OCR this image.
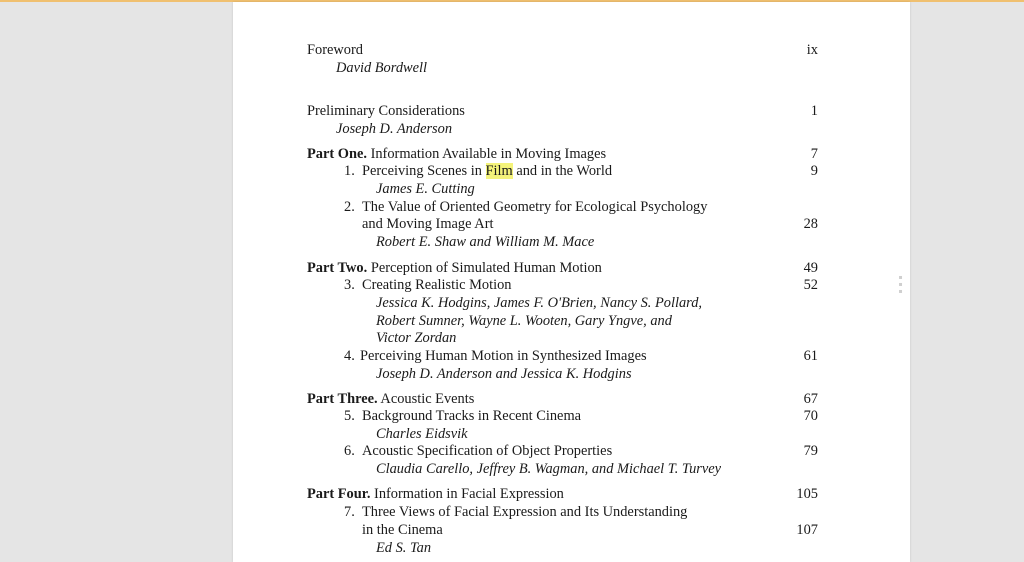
Foreword	ix
David Bordwell
Preliminary Considerations	1
Joseph D. Anderson
Part One. Information Available in Moving Images	7
1. Perceiving Scenes in Film and in the World	9
James E. Cutting
2. The Value of Oriented Geometry for Ecological Psychology
and Moving Image Art	28
Robert E. Shaw and William M. Mace
Part Two. Perception of Simulated Human Motion	49
3. Creating Realistic Motion	52
Jessica K. Hodgins, James F. O'Brien, Nancy S. Pollard,
Robert Sumner, Wayne L. Wooten, Gary Yngve, and
Victor Zordan
4. Perceiving Human Motion in Synthesized Images	61
Joseph D. Anderson and Jessica K. Hodgins
Part Three. Acoustic Events	67
5. Background Tracks in Recent Cinema	70
Charles Eidsvik
6. Acoustic Specification of Object Properties	79
Claudia Carello, Jeffrey B. Wagman, and Michael T. Turvey
Part Four. Information in Facial Expression	105
7. Three Views of Facial Expression and Its Understanding
in the Cinema	107
Ed S. Tan
▪▪▪
